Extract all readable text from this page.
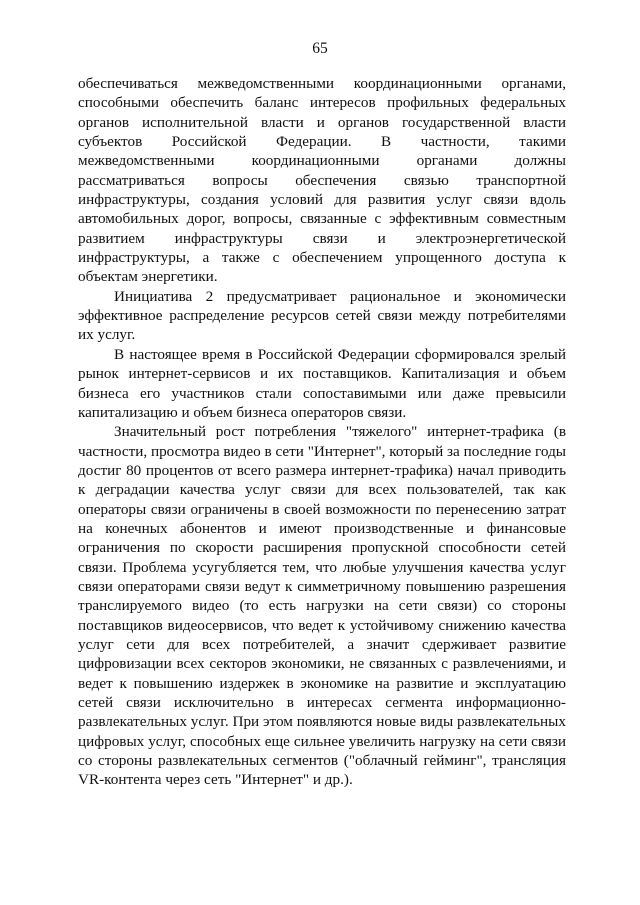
65

обеспечиваться межведомственными координационными органами, способными обеспечить баланс интересов профильных федеральных органов исполнительной власти и органов государственной власти субъектов Российской Федерации. В частности, такими межведомственными координационными органами должны рассматриваться вопросы обеспечения связью транспортной инфраструктуры, создания условий для развития услуг связи вдоль автомобильных дорог, вопросы, связанные с эффективным совместным развитием инфраструктуры связи и электроэнергетической инфраструктуры, а также с обеспечением упрощенного доступа к объектам энергетики.

Инициатива 2 предусматривает рациональное и экономически эффективное распределение ресурсов сетей связи между потребителями их услуг.

В настоящее время в Российской Федерации сформировался зрелый рынок интернет-сервисов и их поставщиков. Капитализация и объем бизнеса его участников стали сопоставимыми или даже превысили капитализацию и объем бизнеса операторов связи.

Значительный рост потребления "тяжелого" интернет-трафика (в частности, просмотра видео в сети "Интернет", который за последние годы достиг 80 процентов от всего размера интернет-трафика) начал приводить к деградации качества услуг связи для всех пользователей, так как операторы связи ограничены в своей возможности по перенесению затрат на конечных абонентов и имеют производственные и финансовые ограничения по скорости расширения пропускной способности сетей связи. Проблема усугубляется тем, что любые улучшения качества услуг связи операторами связи ведут к симметричному повышению разрешения транслируемого видео (то есть нагрузки на сети связи) со стороны поставщиков видеосервисов, что ведет к устойчивому снижению качества услуг сети для всех потребителей, а значит сдерживает развитие цифровизации всех секторов экономики, не связанных с развлечениями, и ведет к повышению издержек в экономике на развитие и эксплуатацию сетей связи исключительно в интересах сегмента информационно-развлекательных услуг. При этом появляются новые виды развлекательных цифровых услуг, способных еще сильнее увеличить нагрузку на сети связи со стороны развлекательных сегментов ("облачный гейминг", трансляция VR-контента через сеть "Интернет" и др.).
